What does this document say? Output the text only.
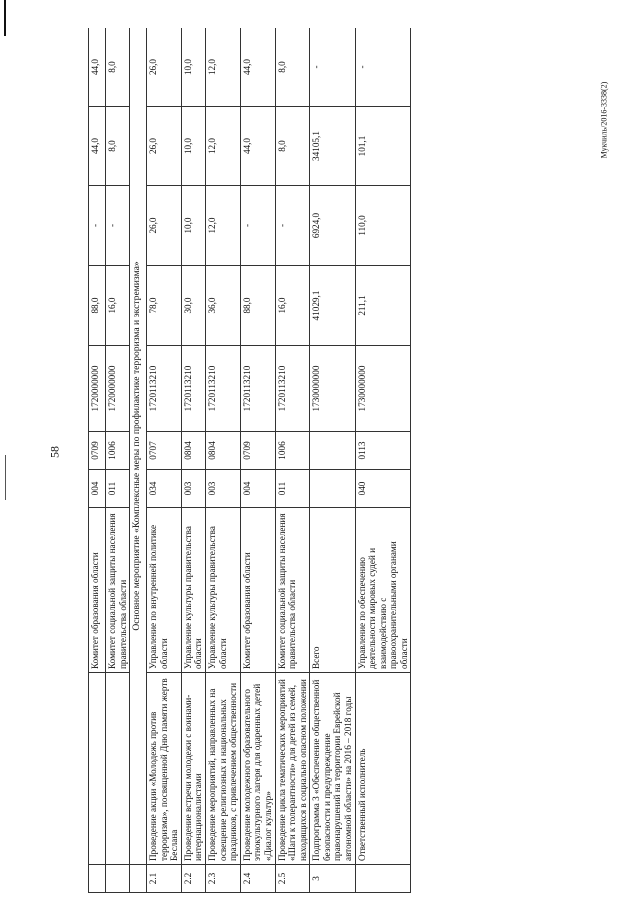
58
Мукчиль/2016-3338(2)
		Комитет образования области	004	0709	1720000000	88,0	-	44,0	44,0
		Комитет социальной защиты населения правительства области	011	1006	1720000000	16,0	-	8,0	8,0
	Основное мероприятие «Комплексные меры по профилактике терроризма и экстремизма»								
2.1	Проведение акции «Молодежь против терроризма», посвященной Дню памяти жертв Беслана	Управление по внутренней политике области	034	0707	1720113210	78,0	26,0	26,0	26,0
2.2	Проведение встречи молодежи с воинами-интернационалистами	Управление культуры правительства области	003	0804	1720113210	30,0	10,0	10,0	10,0
2.3	Проведение мероприятий, направленных на освещение религиозных и национальных праздников, с привлечением общественности	Управление культуры правительства области	003	0804	1720113210	36,0	12,0	12,0	12,0
2.4	Проведение молодежного образовательного этнокультурного лагеря для одаренных детей «Диалог культур»	Комитет образования области	004	0709	1720113210	88,0	-	44,0	44,0
2.5	Проведение цикла тематических мероприятий «Шаги к толерантности» для детей из семей, находящихся в социально опасном положении	Комитет социальной защиты населения правительства области	011	1006	1720113210	16,0	-	8,0	8,0
3	Подпрограмма 3 «Обеспечение общественной безопасности и предупреждение правонарушений на территории Еврейской автономной области» на 2016 – 2018 годы	Всего			1730000000	41029,1	6924,0	34105,1	-
	Ответственный исполнитель	Управление по обеспечению деятельности мировых судей и взаимодействию с правоохранительными органами области	040	0113	1730000000	211,1	110,0	101,1	-
